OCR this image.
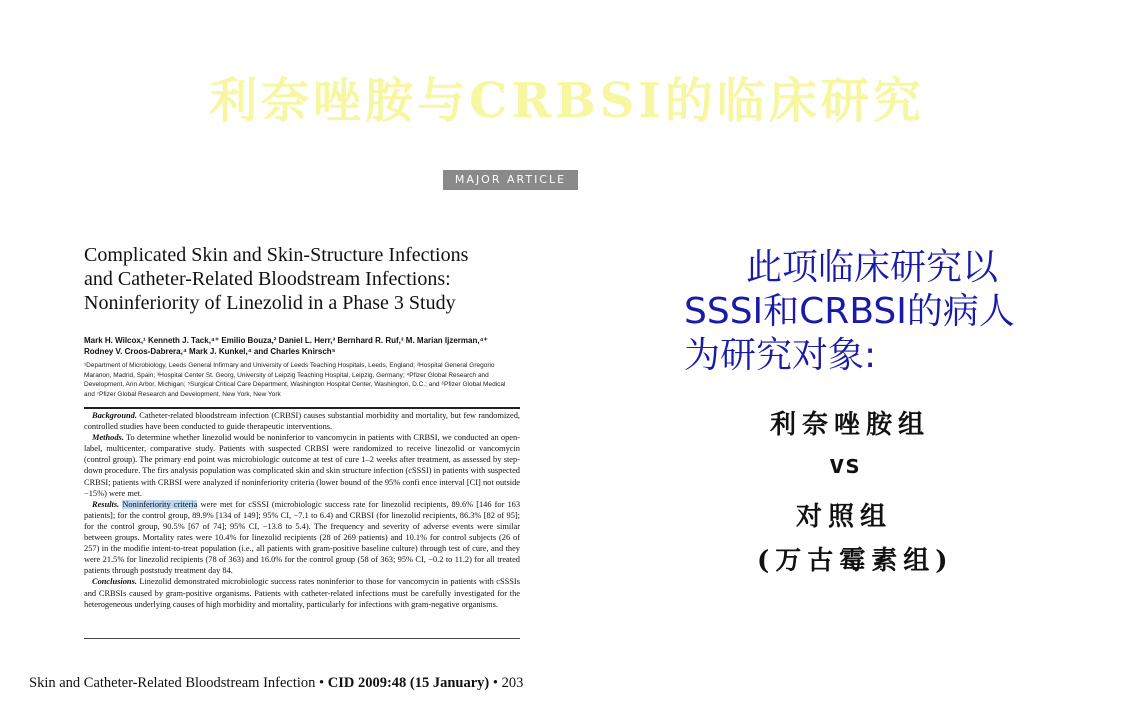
利奈唑胺与CRBSI的临床研究
MAJOR ARTICLE
Complicated Skin and Skin-Structure Infections
and Catheter-Related Bloodstream Infections:
Noninferiority of Linezolid in a Phase 3 Study
Mark H. Wilcox,¹ Kenneth J. Tack,⁴⁺ Emilio Bouza,² Daniel L. Herr,³ Bernhard R. Ruf,³ M. Marian Ijzerman,⁴⁺
Rodney V. Croos-Dabrera,⁴ Mark J. Kunkel,⁴ and Charles Knirsch⁵
¹Department of Microbiology, Leeds General Infirmary and University of Leeds Teaching Hospitals, Leeds, England; ²Hospital General Gregorio
Maranon, Madrid, Spain; ³Hospital Center St. Georg, University of Leipzig Teaching Hospital, Leipzig, Germany; ⁴Pfizer Global Research and
Development, Ann Arbor, Michigan; ⁵Surgical Critical Care Department, Washington Hospital Center, Washington, D.C.; and ⁶Pfizer Global Medical
and ⁷Pfizer Global Research and Development, New York, New York

Background. Catheter-related bloodstream infection (CRBSI) causes substantial morbidity and mortality, but few randomized, controlled studies have been conducted to guide therapeutic interventions.

Methods. To determine whether linezolid would be noninferior to vancomycin in patients with CRBSI, we conducted an open-label, multicenter, comparative study. Patients with suspected CRBSI were randomized to receive linezolid or vancomycin (control group). The primary end point was microbiologic outcome at test of cure 1–2 weeks after treatment, as assessed by step-down procedure. The firs analysis population was complicated skin and skin structure infection (cSSSI) in patients with suspected CRBSI; patients with CRBSI were analyzed if noninferiority criteria (lower bound of the 95% confi ence interval [CI] not outside −15%) were met.

Results. Noninferiority criteria were met for cSSSI (microbiologic success rate for linezolid recipients, 89.6% [146 for 163 patients]; for the control group, 89.9% [134 of 149]; 95% CI, −7.1 to 6.4) and CRBSI (for linezolid recipients, 86.3% [82 of 95]; for the control group, 90.5% [67 of 74]; 95% CI, −13.8 to 5.4). The frequency and severity of adverse events were similar between groups. Mortality rates were 10.4% for linezolid recipients (28 of 269 patients) and 10.1% for control subjects (26 of 257) in the modifie intent-to-treat population (i.e., all patients with gram-positive baseline culture) through test of cure, and they were 21.5% for linezolid recipients (78 of 363) and 16.0% for the control group (58 of 363; 95% CI, −0.2 to 11.2) for all treated patients through poststudy treatment day 84.

Conclusions. Linezolid demonstrated microbiologic success rates noninferior to those for vancomycin in patients with cSSSIs and CRBSIs caused by gram-positive organisms. Patients with catheter-related infections must be carefully investigated for the heterogeneous underlying causes of high morbidity and mortality, particularly for infections with gram-negative organisms.

Skin and Catheter-Related Bloodstream Infection • CID 2009:48 (15 January) • 203
此项临床研究以
SSSI和CRBSI的病人
为研究对象:
利奈唑胺组
vs
对照组
(万古霉素组)
